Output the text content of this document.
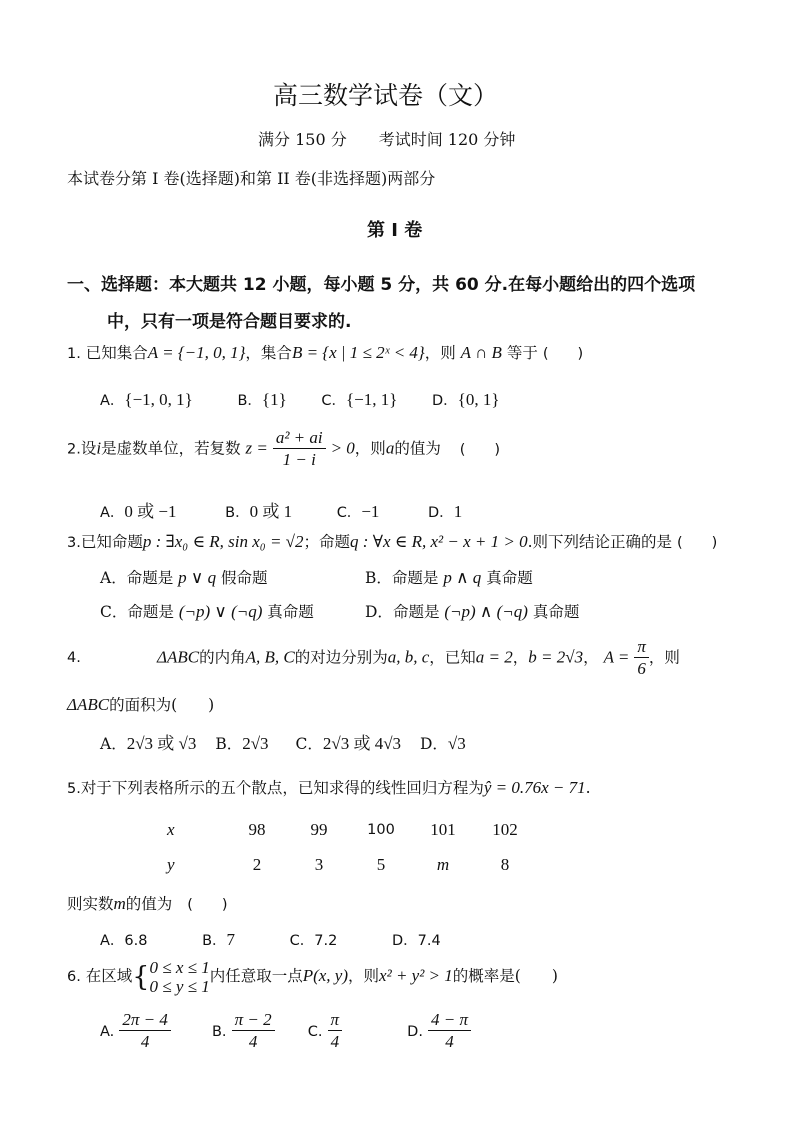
高三数学试卷（文）
满分 150 分　　考试时间 120 分钟
本试卷分第 I 卷(选择题)和第 II 卷(非选择题)两部分
第 Ⅰ 卷
一、选择题：本大题共 12 小题，每小题 5 分，共 60 分.在每小题给出的四个选项
中，只有一项是符合题目要求的.
1. 已知集合A = {−1, 0, 1}，集合B = {x | 1 ≤ 2ˣ < 4}，则 A ∩ B 等于 (　　)
A．{−1, 0, 1}	B．{1} C．{−1, 1} D．{0, 1}
2.设i是虚数单位，若复数 $z = \frac{\text{a² + ai}}{1 - i} > 0$，则a的值为 (　　)
A．0 或 −1	B．0 或 1	C．−1	D．1
3.已知命题p : ∃x₀ ∈ R, sin x₀ = √2；命题q : ∀x ∈ R, x² − x + 1 > 0.则下列结论正确的是 (　　)
A．命题是 p ∨ q 假命题	B．命题是 p ∧ q 真命题
C．命题是 (¬p) ∨ (¬q) 真命题	D．命题是 (¬p) ∧ (¬q) 真命题
4.	ΔABC的内角A, B, C的对边分别为a, b, c，已知a = 2，b = 2√3， $A = \frac{\pi}{6}$ ，则
ΔABC的面积为(　　)
A．2√3 或 √3 B．2√3 C．2√3 或 4√3 D．√3
5.对于下列表格所示的五个散点，已知求得的线性回归方程为ŷ = 0.76x − 71.
x	98	99	100	101	102
y	2	3	5	m	8
则实数m的值为 (　　)
A．6.8	B．7	C．7.2	D．7.4
6. 在区域{ 0 ≤ x ≤ 1
0 ≤ y ≤ 1
内任意取一点P(x, y)，则x² + y² > 1的概率是(　　)
A. $\frac{2\pi - 4}{4}$	B. $\frac{\pi - 2}{4} C$. $\frac{\pi}{4}$	D. $\frac{4 - \pi}{4}$
